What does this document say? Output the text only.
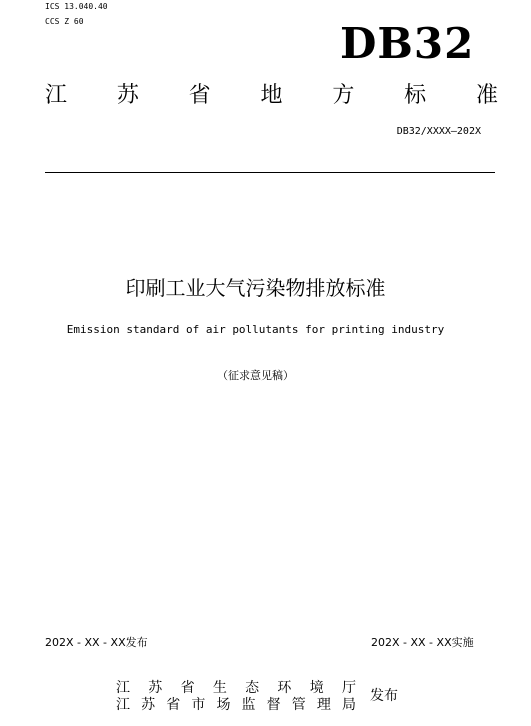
ICS 13.040.40
CCS Z 60	DB32
江 苏 省 地 方 标 准
DB32/XXXX—202X
印刷工业大气污染物排放标准
Emission standard of air pollutants for printing industry
（征求意见稿）
202X - XX - XX发布	202X - XX - XX实施
江 苏 省 生 态 环 境 厅
江 苏 省 市 场 监 督 管 理 局
发布
